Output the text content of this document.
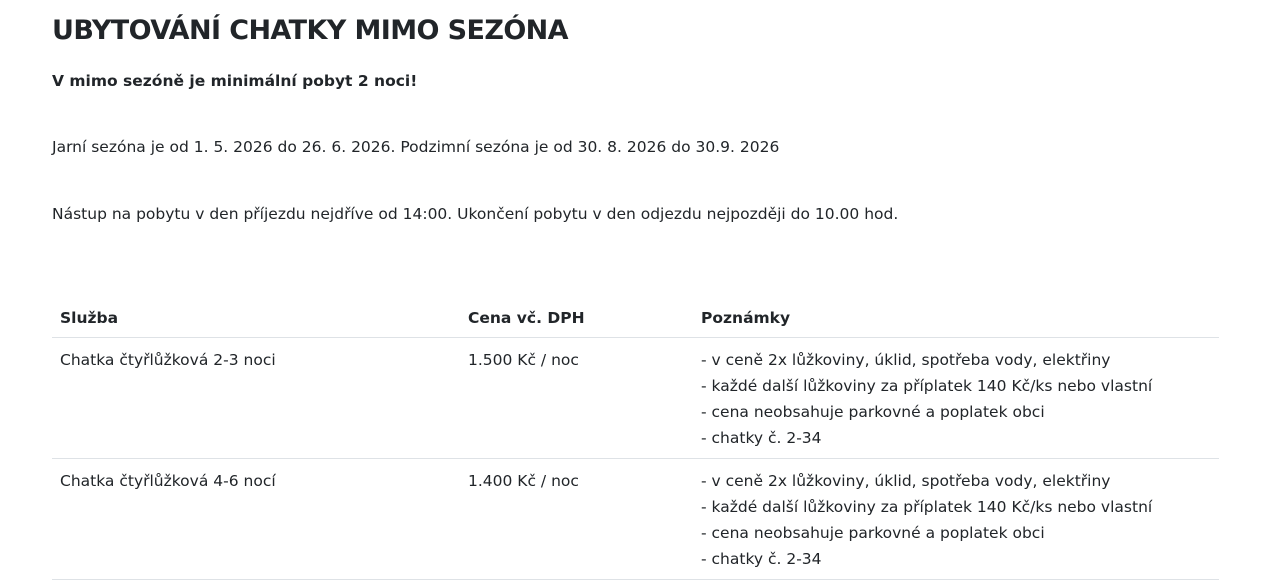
UBYTOVÁNÍ CHATKY MIMO SEZÓNA

V mimo sezóně je minimální pobyt 2 noci!

Jarní sezóna je od 1. 5. 2026 do 26. 6. 2026. Podzimní sezóna je od 30. 8. 2026 do 30.9. 2026

Nástup na pobytu v den příjezdu nejdříve od 14:00. Ukončení pobytu v den odjezdu nejpozději do 10.00 hod.

Služba	Cena vč. DPH	Poznámky
Chatka čtyřlůžková 2-3 noci	1.500 Kč / noc	- v ceně 2x lůžkoviny, úklid, spotřeba vody, elektřiny
- každé další lůžkoviny za příplatek 140 Kč/ks nebo vlastní
- cena neobsahuje parkovné a poplatek obci
- chatky č. 2-34

Chatka čtyřlůžková 4-6 nocí	1.400 Kč / noc	- v ceně 2x lůžkoviny, úklid, spotřeba vody, elektřiny
- každé další lůžkoviny za příplatek 140 Kč/ks nebo vlastní
- cena neobsahuje parkovné a poplatek obci
- chatky č. 2-34
